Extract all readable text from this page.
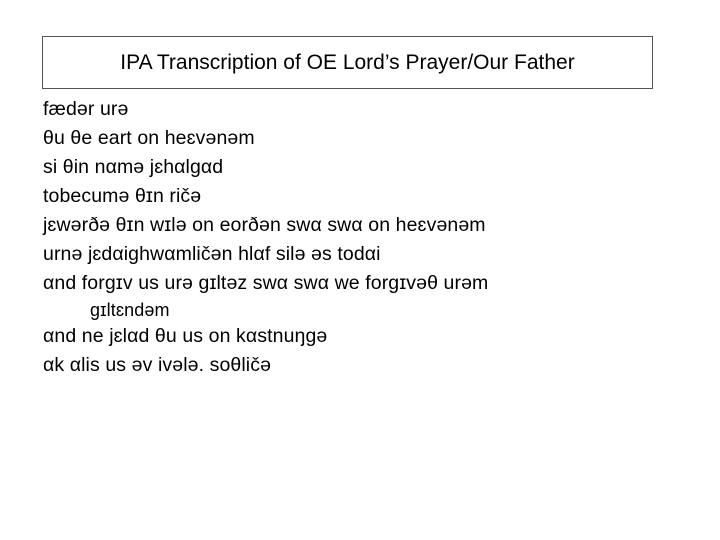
IPA Transcription of OE Lord’s Prayer/Our Father
fædər urə
θu θe eart on heɛvənəm
si θin nαmə jɛhαlgαd
tobecumə θɪn ričə
jɛwərðə θɪn wɪlə on eorðən swα swα on heɛvənəm
urnə jɛdαighwαmličən hlαf silə əs todαi
αnd forgɪv us urə gɪltəz swα swα we forgɪvəθ urəm
gɪltɛndəm
αnd ne jɛlαd θu us on kαstnuŋgə
αk αlis us əv ivələ. soθličə
